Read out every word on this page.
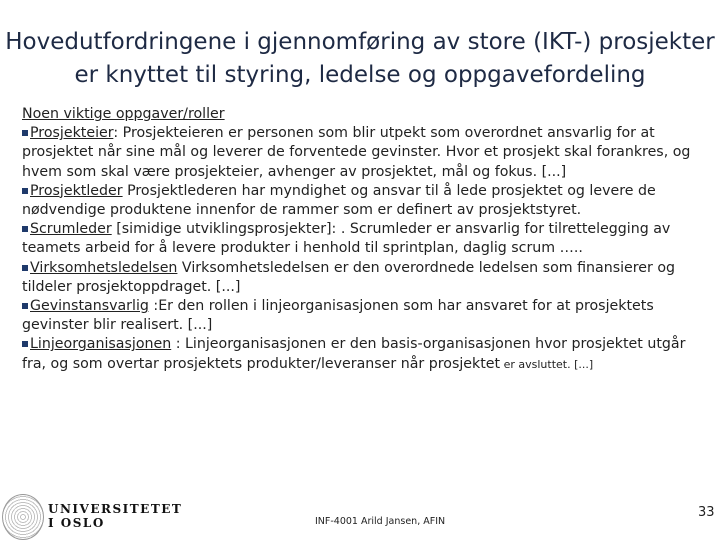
Hovedutfordringene i gjennomføring av store (IKT-) prosjekter
er knyttet til styring, ledelse og oppgavefordeling
Noen viktige oppgaver/roller

Prosjekteier: Prosjekteieren er personen som blir utpekt som overordnet ansvarlig for at prosjektet når sine mål og leverer de forventede gevinster. Hvor et prosjekt skal forankres, og hvem som skal være prosjekteier, avhenger av prosjektet, mål og fokus. [...]

Prosjektleder Prosjektlederen har myndighet og ansvar til å lede prosjektet og levere de nødvendige produktene innenfor de rammer som er definert av prosjektstyret.

Scrumleder [simidige utviklingsprosjekter]: . Scrumleder er ansvarlig for tilrettelegging av teamets arbeid for å levere produkter i henhold til sprintplan, daglig scrum …..

Virksomhetsledelsen Virksomhetsledelsen er den overordnede ledelsen som finansierer og tildeler prosjektoppdraget. [...]

Gevinstansvarlig :Er den rollen i linjeorganisasjonen som har ansvaret for at prosjektets gevinster blir realisert. [...]

Linjeorganisasjonen : Linjeorganisasjonen er den basis-organisasjonen hvor prosjektet utgår fra, og som overtar prosjektets produkter/leveranser når prosjektet er avsluttet. [...]

UNIVERSITETET
I OSLO	INF-4001 Arild Jansen, AFIN
33
